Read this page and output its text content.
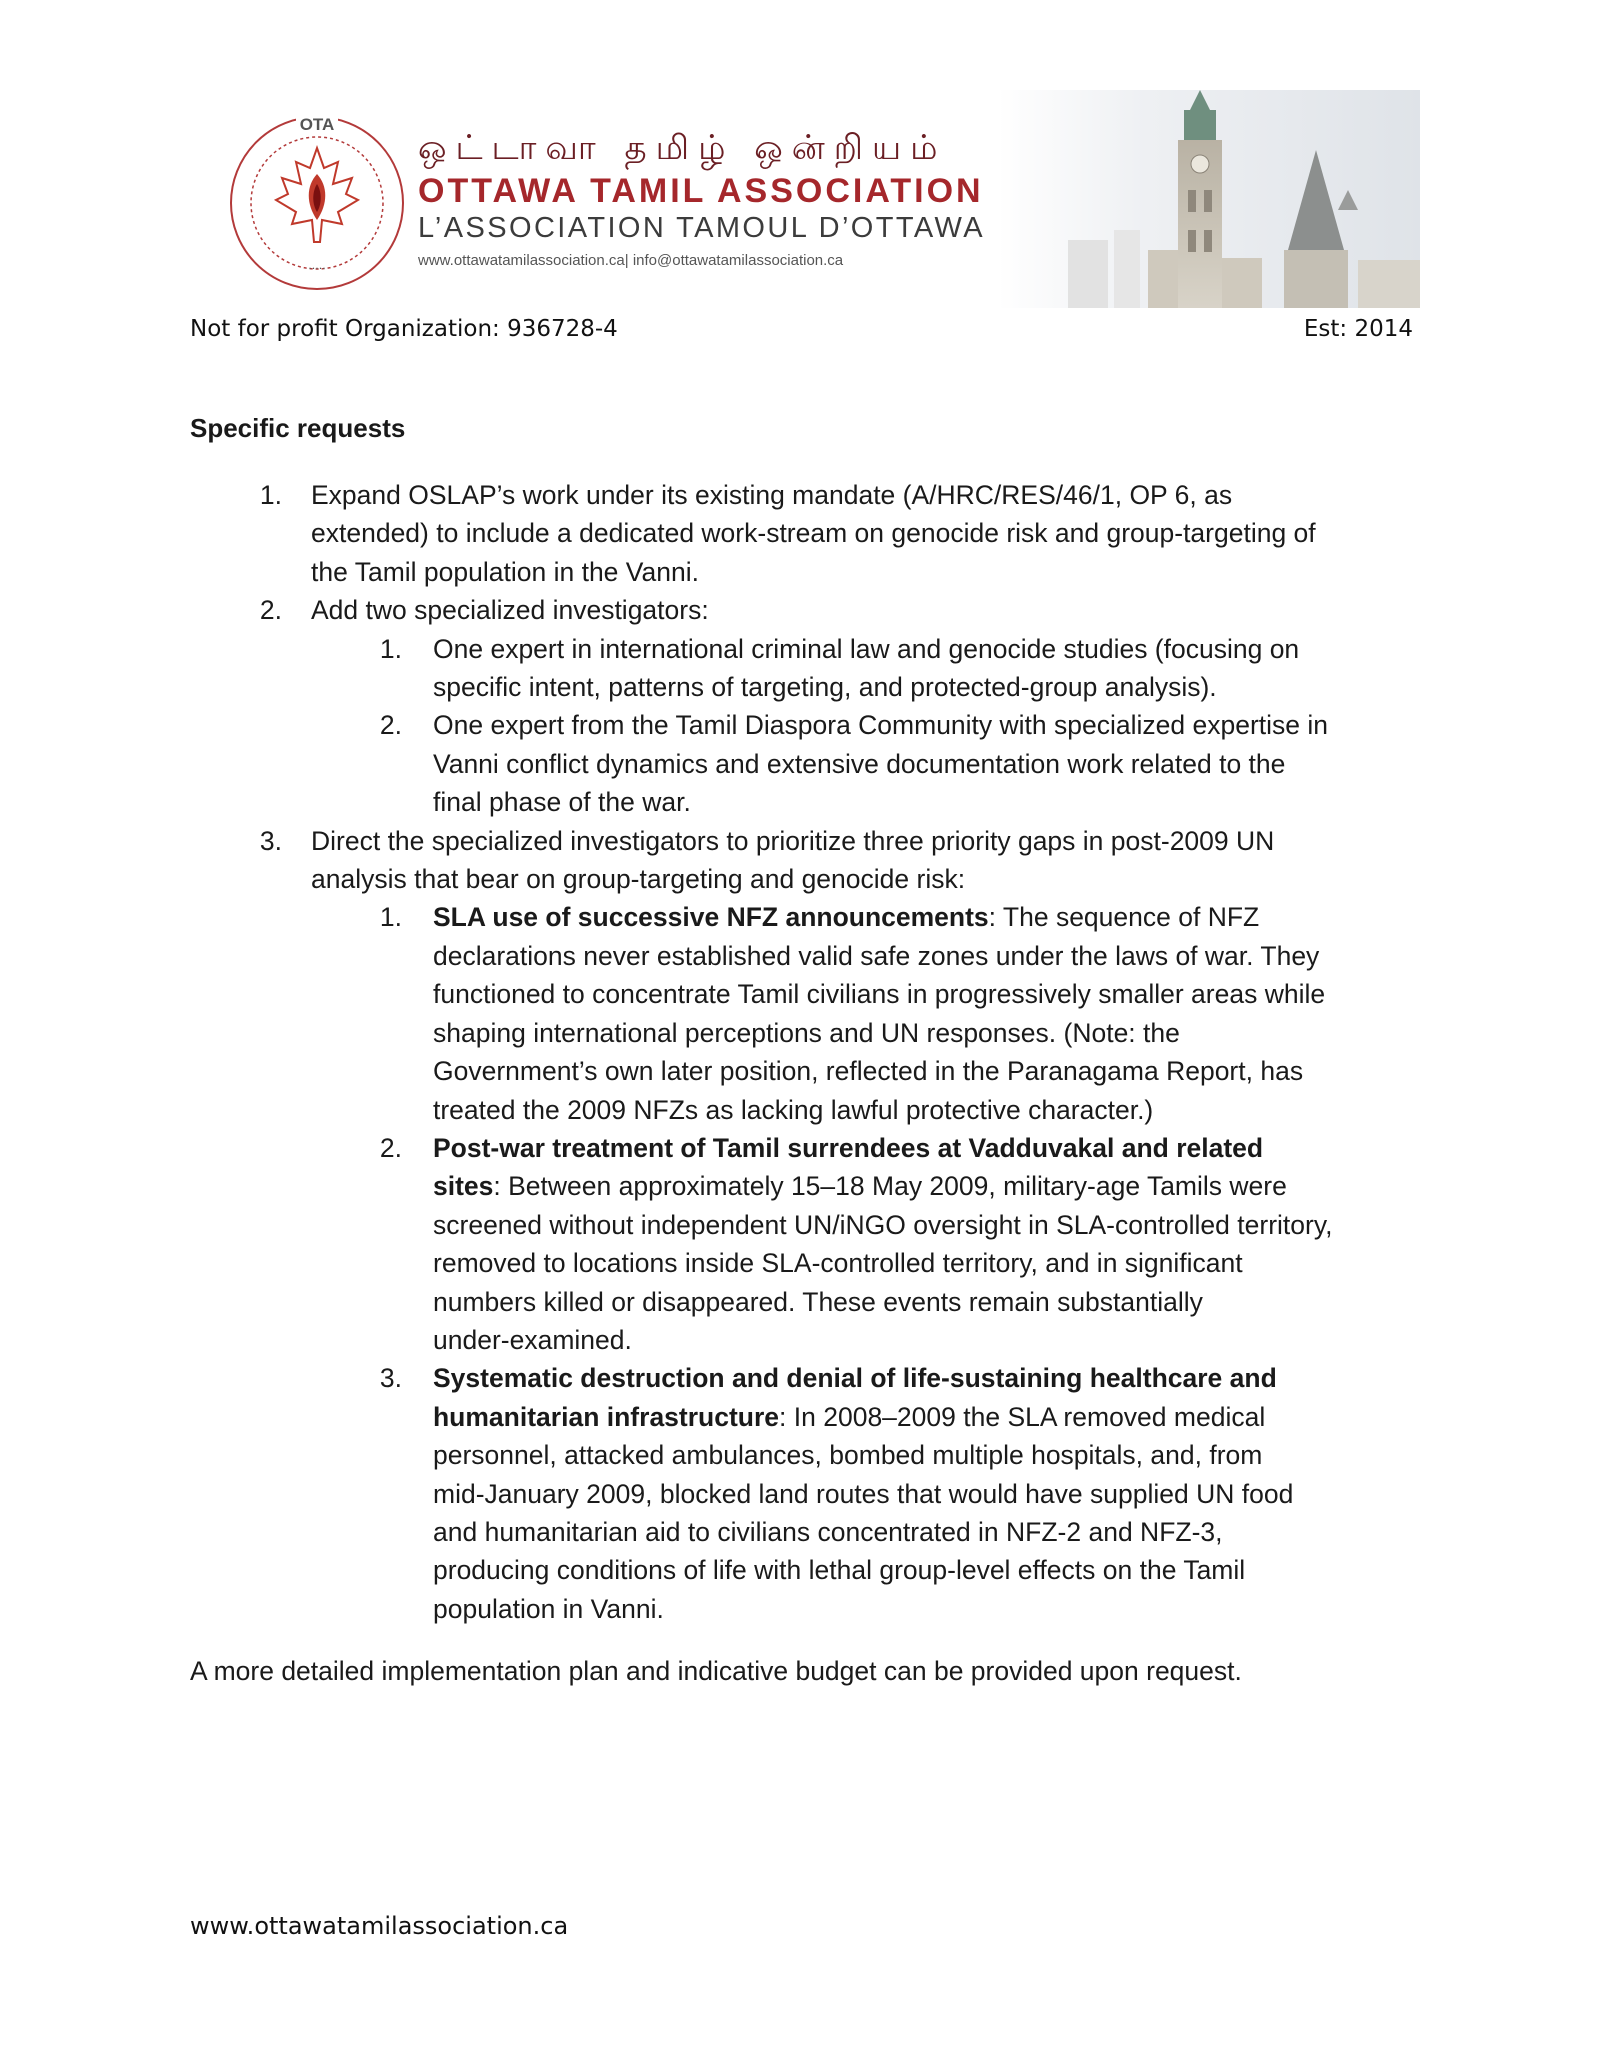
OTA
·····
ஒட்டாவா தமிழ் ஒன்றியம்
OTTAWA TAMIL ASSOCIATION
L’ASSOCIATION TAMOUL D’OTTAWA
www.ottawatamilassociation.ca| info@ottawatamilassociation.ca
Not for profit Organization: 936728-4	Est: 2014
Specific requests
1. Expand OSLAP’s work under its existing mandate (A/HRC/RES/46/1, OP 6, as
extended) to include a dedicated work-stream on genocide risk and group-targeting of
the Tamil population in the Vanni.
2. Add two specialized investigators:
1. One expert in international criminal law and genocide studies (focusing on
specific intent, patterns of targeting, and protected-group analysis).
2. One expert from the Tamil Diaspora Community with specialized expertise in
Vanni conflict dynamics and extensive documentation work related to the
final phase of the war.
3. Direct the specialized investigators to prioritize three priority gaps in post-2009 UN
analysis that bear on group-targeting and genocide risk:
1. SLA use of successive NFZ announcements: The sequence of NFZ
declarations never established valid safe zones under the laws of war. They
functioned to concentrate Tamil civilians in progressively smaller areas while
shaping international perceptions and UN responses. (Note: the
Government’s own later position, reflected in the Paranagama Report, has
treated the 2009 NFZs as lacking lawful protective character.)
2. Post-war treatment of Tamil surrendees at Vadduvakal and related
sites: Between approximately 15–18 May 2009, military-age Tamils were
screened without independent UN/iNGO oversight in SLA-controlled territory,
removed to locations inside SLA-controlled territory, and in significant
numbers killed or disappeared. These events remain substantially
under-examined.
3. Systematic destruction and denial of life-sustaining healthcare and
humanitarian infrastructure: In 2008–2009 the SLA removed medical
personnel, attacked ambulances, bombed multiple hospitals, and, from
mid-January 2009, blocked land routes that would have supplied UN food
and humanitarian aid to civilians concentrated in NFZ-2 and NFZ-3,
producing conditions of life with lethal group-level effects on the Tamil
population in Vanni.
A more detailed implementation plan and indicative budget can be provided upon request.
www.ottawatamilassociation.ca
